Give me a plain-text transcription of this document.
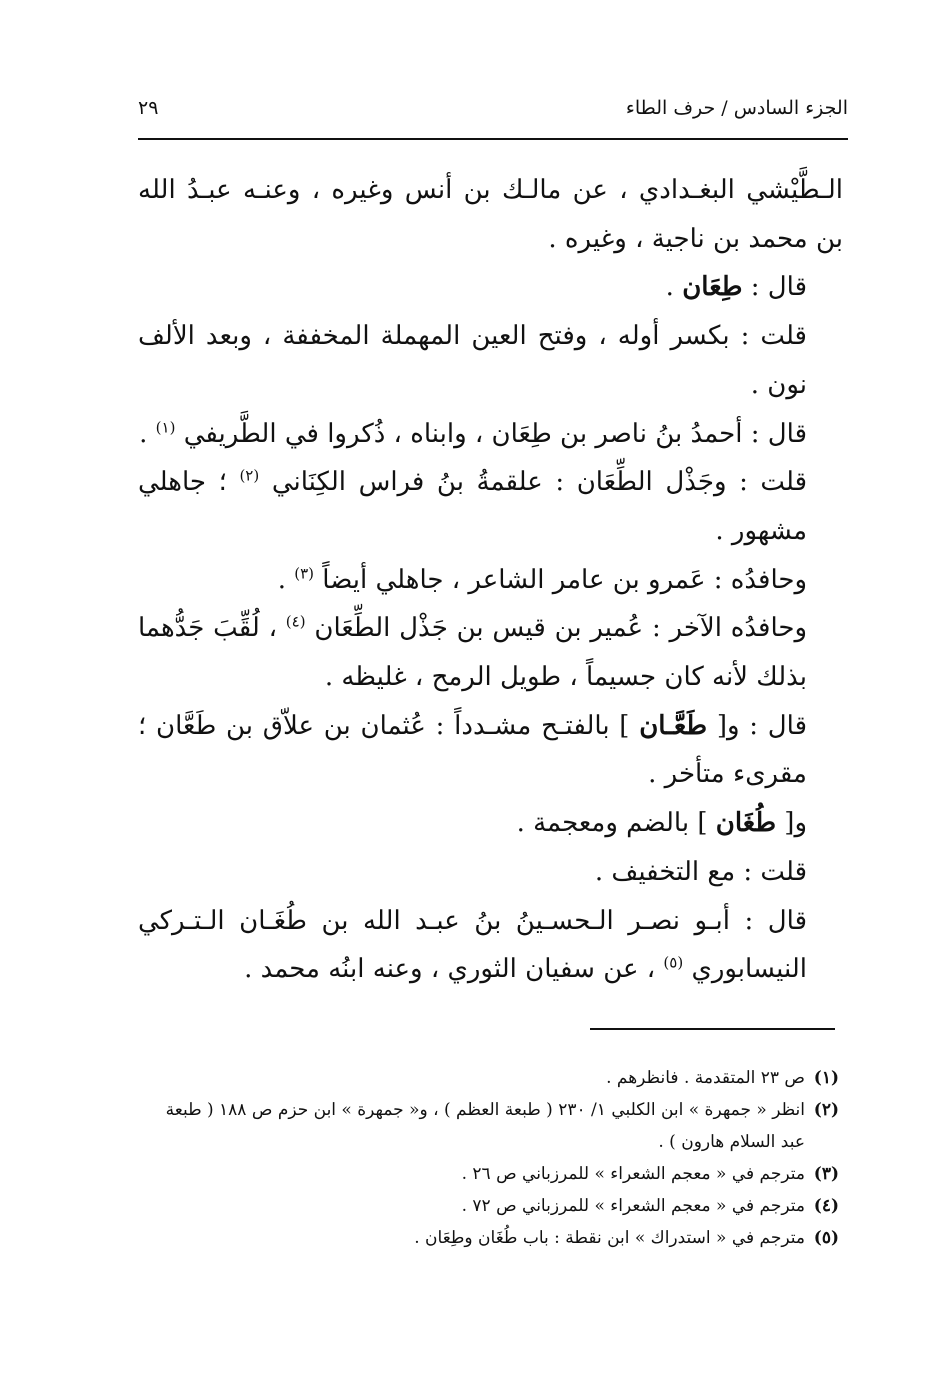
الجزء السادس / حرف الطاء
٢٩

الـطَّيْشي البغـدادي ، عن مالـك بن أنس وغيره ، وعنـه عبـدُ الله بن محمد بن ناجية ، وغيره .

قال : طِعَان .

قلت : بكسر أوله ، وفتح العين المهملة المخففة ، وبعد الألف نون .

قال : أحمدُ بنُ ناصر بن طِعَان ، وابناه ، ذُكروا في الطَّريفي $^{(١)}$ .

قلت : وجَذْل الطِّعَان : علقمةُ بنُ فراس الكِنَاني $^{(٢)}$ ؛ جاهلي مشهور .

وحافدُه : عَمرو بن عامر الشاعر ، جاهلي أيضاً $^{(٣)}$ .

وحافدُه الآخر : عُمير بن قيس بن جَذْل الطِّعَان $^{(٤)}$ ، لُقِّبَ جَدُّهما بذلك لأنه كان جسيماً ، طويل الرمح ، غليظه .

قال : و[ طَعَّـان ] بالفتـح مشـدداً : عُثمان بن علاّق بن طَعَّان ؛ مقرىء متأخر .

و[ طُغَان ] بالضم ومعجمة .

قلت : مع التخفيف .

قال : أبـو نصـر الـحسـينُ بنُ عبـد الله بن طُغَـان الـتـركي النيسابوري $^{(٥)}$ ، عن سفيان الثوري ، وعنه ابنُه محمد .

(١)
ص ٢٣ المتقدمة . فانظرهم .
(٢)
انظر « جمهرة » ابن الكلبي ١/ ٢٣٠ ( طبعة العظم ) ، و« جمهرة » ابن حزم ص ١٨٨ ( طبعة عبد السلام هارون ) .
(٣)
مترجم في « معجم الشعراء » للمرزباني ص ٢٦ .
(٤)
مترجم في « معجم الشعراء » للمرزباني ص ٧٢ .
(٥)
مترجم في « استدراك » ابن نقطة : باب طُغَان وطِعَان .
